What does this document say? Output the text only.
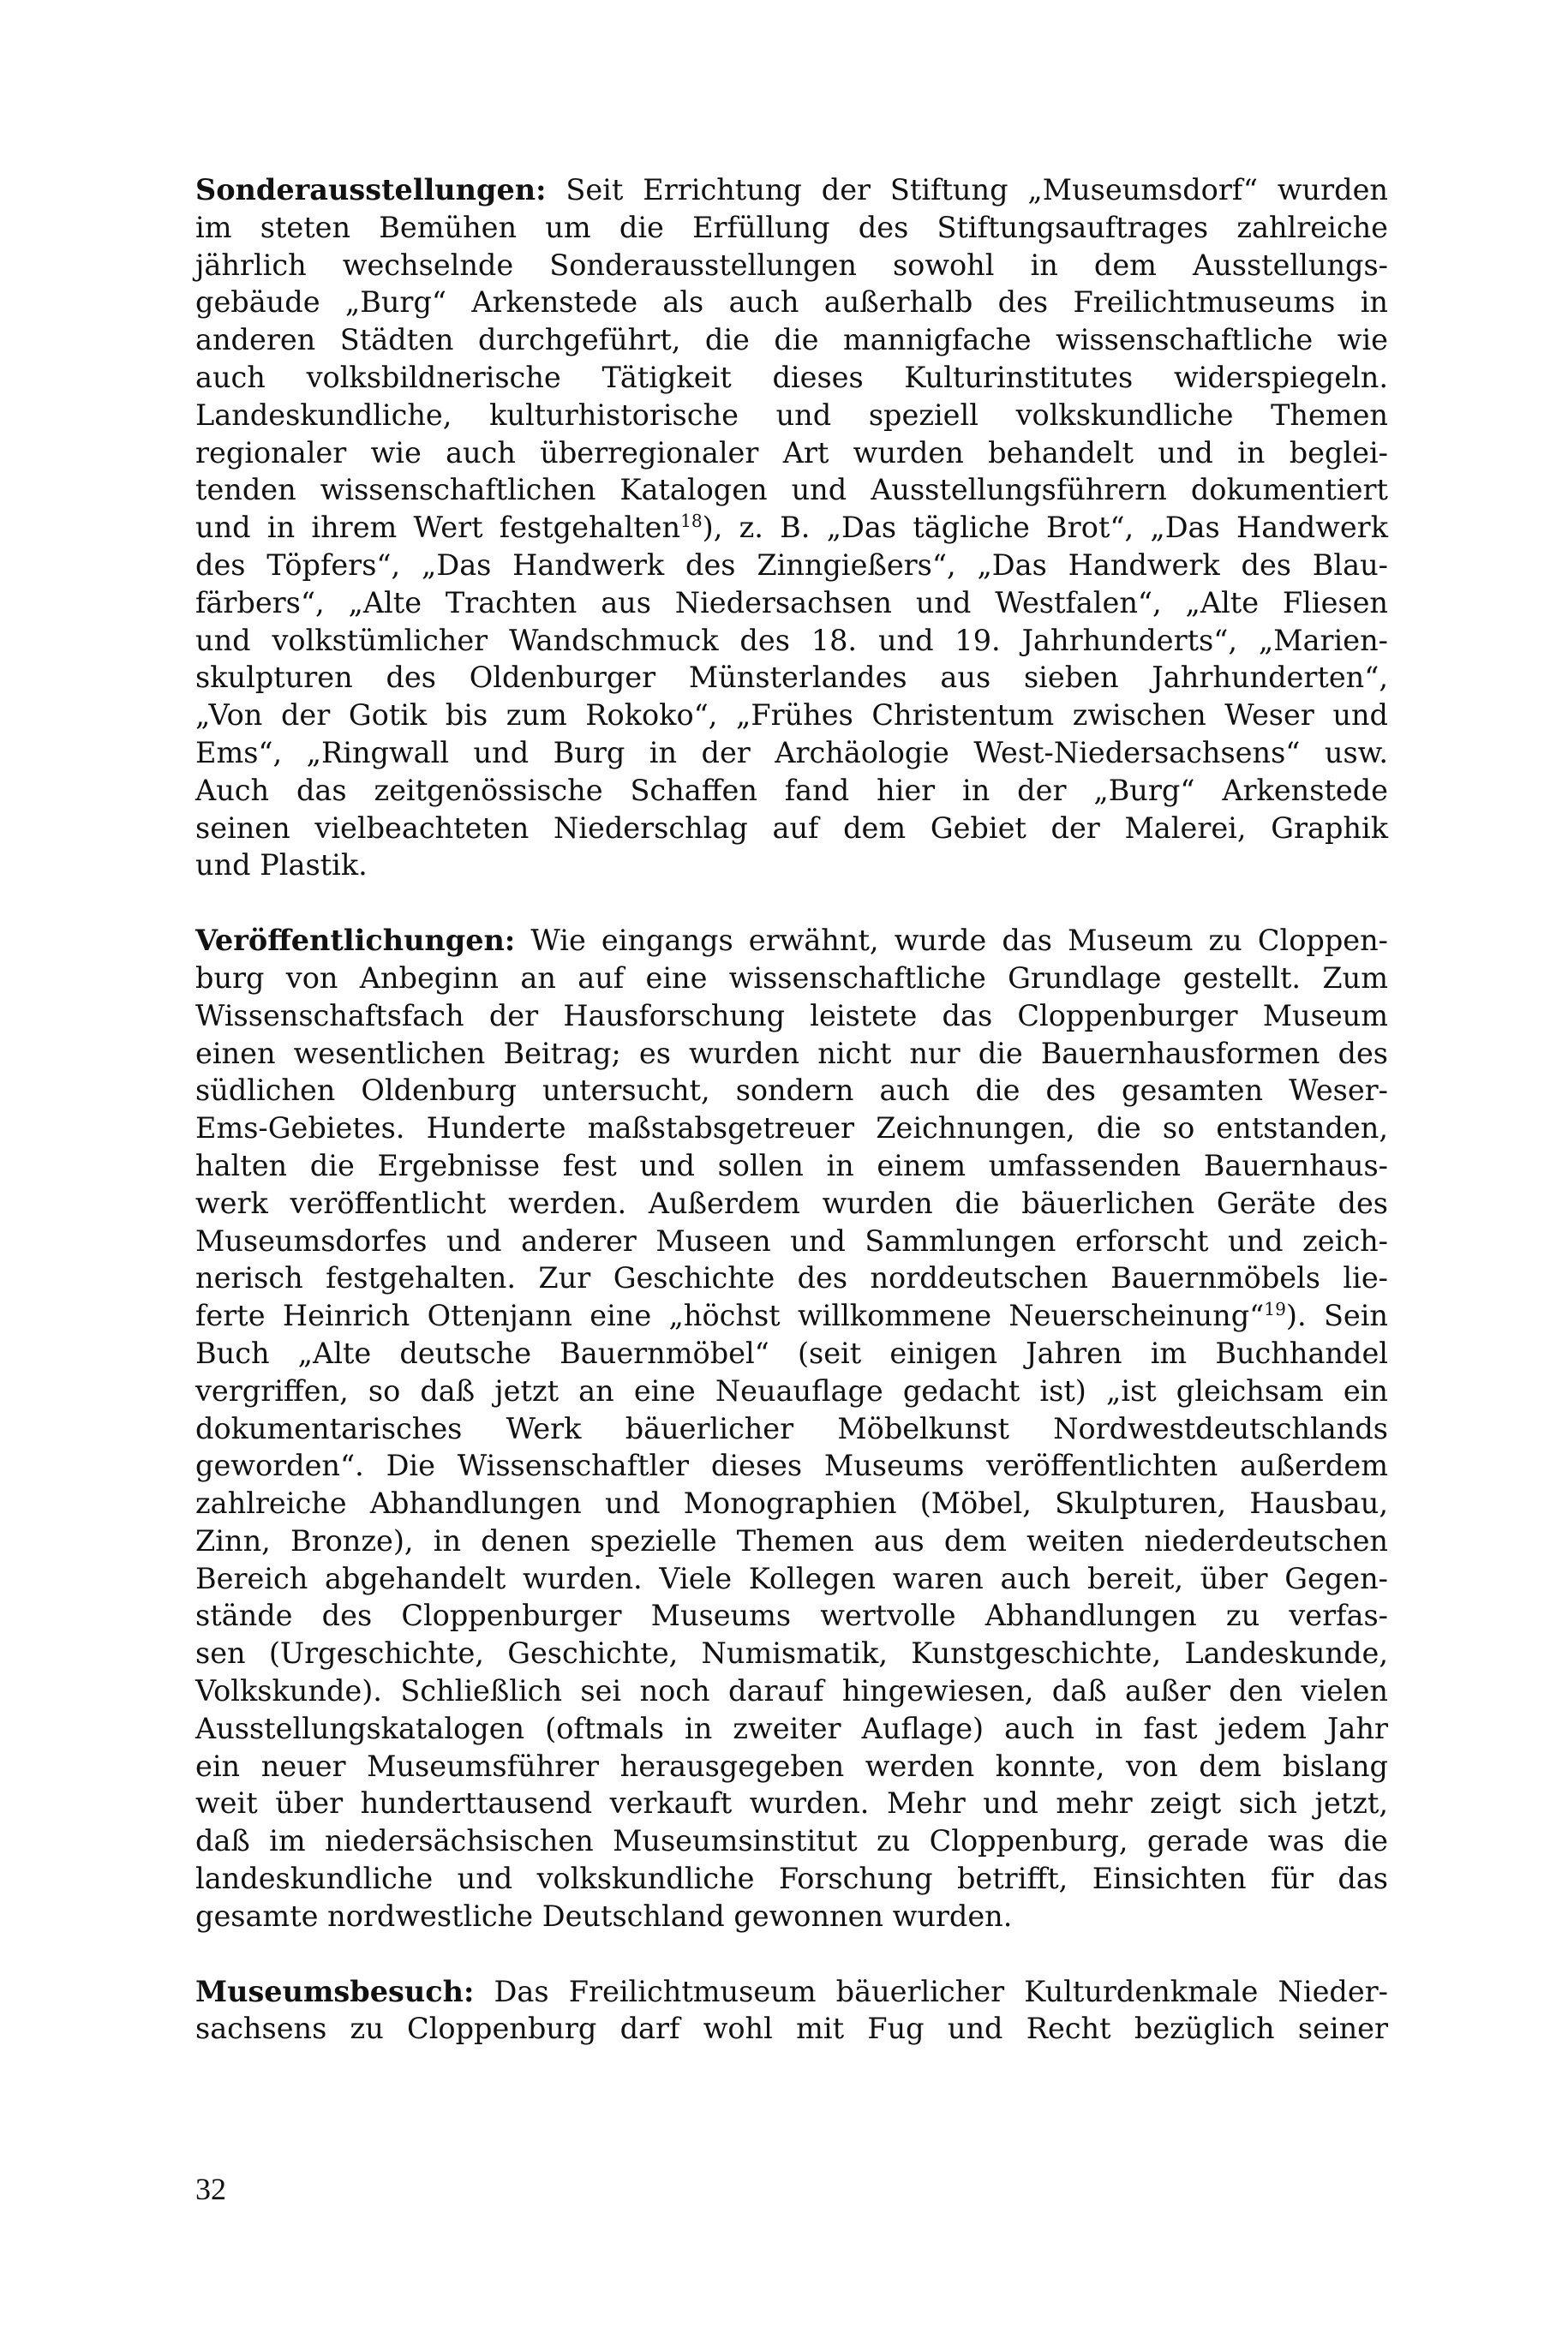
Sonderausstellungen: Seit Errichtung der Stiftung „Museumsdorf“ wurden
im steten Bemühen um die Erfüllung des Stiftungsauftrages zahlreiche
jährlich wechselnde Sonderausstellungen sowohl in dem Ausstellungs-
gebäude „Burg“ Arkenstede als auch außerhalb des Freilichtmuseums in
anderen Städten durchgeführt, die die mannigfache wissenschaftliche wie
auch volksbildnerische Tätigkeit dieses Kulturinstitutes widerspiegeln.
Landeskundliche, kulturhistorische und speziell volkskundliche Themen
regionaler wie auch überregionaler Art wurden behandelt und in beglei-
tenden wissenschaftlichen Katalogen und Ausstellungsführern dokumentiert
und in ihrem Wert festgehalten$^{18}$), z. B. „Das tägliche Brot“, „Das Handwerk
des Töpfers“, „Das Handwerk des Zinngießers“, „Das Handwerk des Blau-
färbers“, „Alte Trachten aus Niedersachsen und Westfalen“, „Alte Fliesen
und volkstümlicher Wandschmuck des 18. und 19. Jahrhunderts“, „Marien-
skulpturen des Oldenburger Münsterlandes aus sieben Jahrhunderten“,
„Von der Gotik bis zum Rokoko“, „Frühes Christentum zwischen Weser und
Ems“, „Ringwall und Burg in der Archäologie West-Niedersachsens“ usw.
Auch das zeitgenössische Schaffen fand hier in der „Burg“ Arkenstede
seinen vielbeachteten Niederschlag auf dem Gebiet der Malerei, Graphik
und Plastik.
Veröffentlichungen: Wie eingangs erwähnt, wurde das Museum zu Cloppen-
burg von Anbeginn an auf eine wissenschaftliche Grundlage gestellt. Zum
Wissenschaftsfach der Hausforschung leistete das Cloppenburger Museum
einen wesentlichen Beitrag; es wurden nicht nur die Bauernhausformen des
südlichen Oldenburg untersucht, sondern auch die des gesamten Weser-
Ems-Gebietes. Hunderte maßstabsgetreuer Zeichnungen, die so entstanden,
halten die Ergebnisse fest und sollen in einem umfassenden Bauernhaus-
werk veröffentlicht werden. Außerdem wurden die bäuerlichen Geräte des
Museumsdorfes und anderer Museen und Sammlungen erforscht und zeich-
nerisch festgehalten. Zur Geschichte des norddeutschen Bauernmöbels lie-
ferte Heinrich Ottenjann eine „höchst willkommene Neuerscheinung“$^{19}$). Sein
Buch „Alte deutsche Bauernmöbel“ (seit einigen Jahren im Buchhandel
vergriffen, so daß jetzt an eine Neuauflage gedacht ist) „ist gleichsam ein
dokumentarisches Werk bäuerlicher Möbelkunst Nordwestdeutschlands
geworden“. Die Wissenschaftler dieses Museums veröffentlichten außerdem
zahlreiche Abhandlungen und Monographien (Möbel, Skulpturen, Hausbau,
Zinn, Bronze), in denen spezielle Themen aus dem weiten niederdeutschen
Bereich abgehandelt wurden. Viele Kollegen waren auch bereit, über Gegen-
stände des Cloppenburger Museums wertvolle Abhandlungen zu verfas-
sen (Urgeschichte, Geschichte, Numismatik, Kunstgeschichte, Landeskunde,
Volkskunde). Schließlich sei noch darauf hingewiesen, daß außer den vielen
Ausstellungskatalogen (oftmals in zweiter Auflage) auch in fast jedem Jahr
ein neuer Museumsführer herausgegeben werden konnte, von dem bislang
weit über hunderttausend verkauft wurden. Mehr und mehr zeigt sich jetzt,
daß im niedersächsischen Museumsinstitut zu Cloppenburg, gerade was die
landeskundliche und volkskundliche Forschung betrifft, Einsichten für das
gesamte nordwestliche Deutschland gewonnen wurden.
Museumsbesuch: Das Freilichtmuseum bäuerlicher Kulturdenkmale Nieder-
sachsens zu Cloppenburg darf wohl mit Fug und Recht bezüglich seiner
32
